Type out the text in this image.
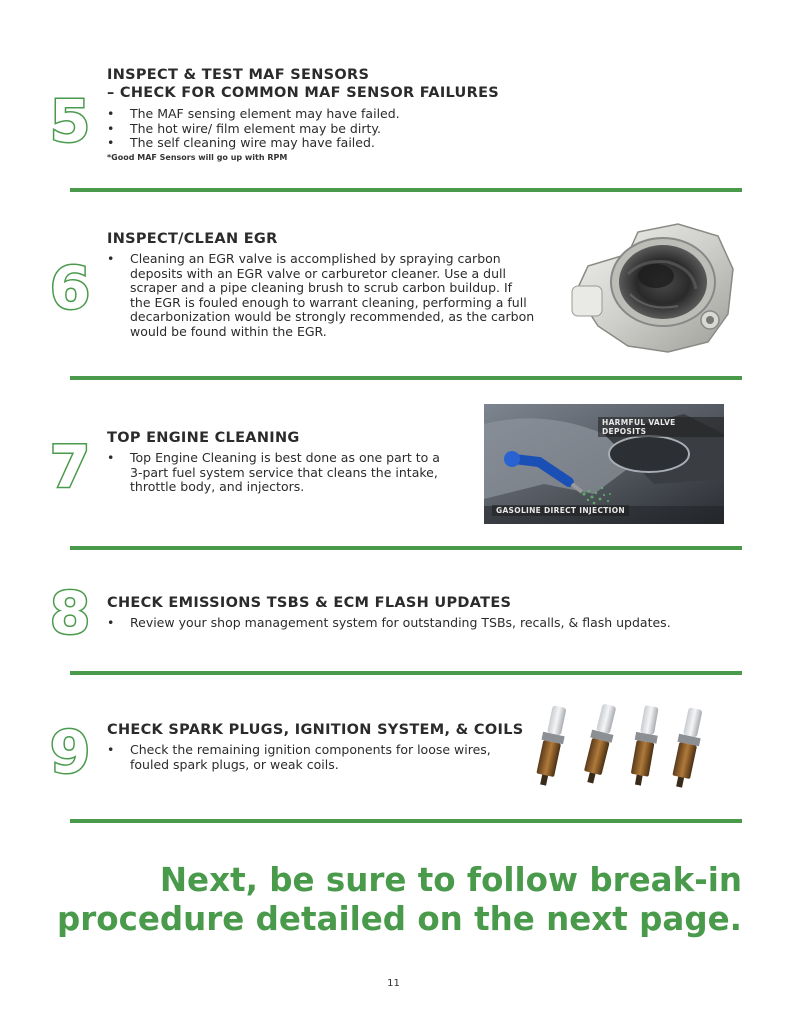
5
INSPECT & TEST MAF SENSORS
– CHECK FOR COMMON MAF SENSOR FAILURES
• The MAF sensing element may have failed.
• The hot wire/ film element may be dirty.
• The self cleaning wire may have failed.
*Good MAF Sensors will go up with RPM
6
INSPECT/CLEAN EGR
• Cleaning an EGR valve is accomplished by spraying carbon
deposits with an EGR valve or carburetor cleaner. Use a dull
scraper and a pipe cleaning brush to scrub carbon buildup. If
the EGR is fouled enough to warrant cleaning, performing a full
decarbonization would be strongly recommended, as the carbon
would be found within the EGR.
7 TOP ENGINE CLEANING
• Top Engine Cleaning is best done as one part to a
3-part fuel system service that cleans the intake,
throttle body, and injectors.
HARMFUL VALVE DEPOSITS
GASOLINE DIRECT INJECTION
8 CHECK EMISSIONS TSBS & ECM FLASH UPDATES
• Review your shop management system for outstanding TSBs, recalls, & flash updates.
9 CHECK SPARK PLUGS, IGNITION SYSTEM, & COILS
• Check the remaining ignition components for loose wires,
fouled spark plugs, or weak coils.
Next, be sure to follow break-in
procedure detailed on the next page.
11
